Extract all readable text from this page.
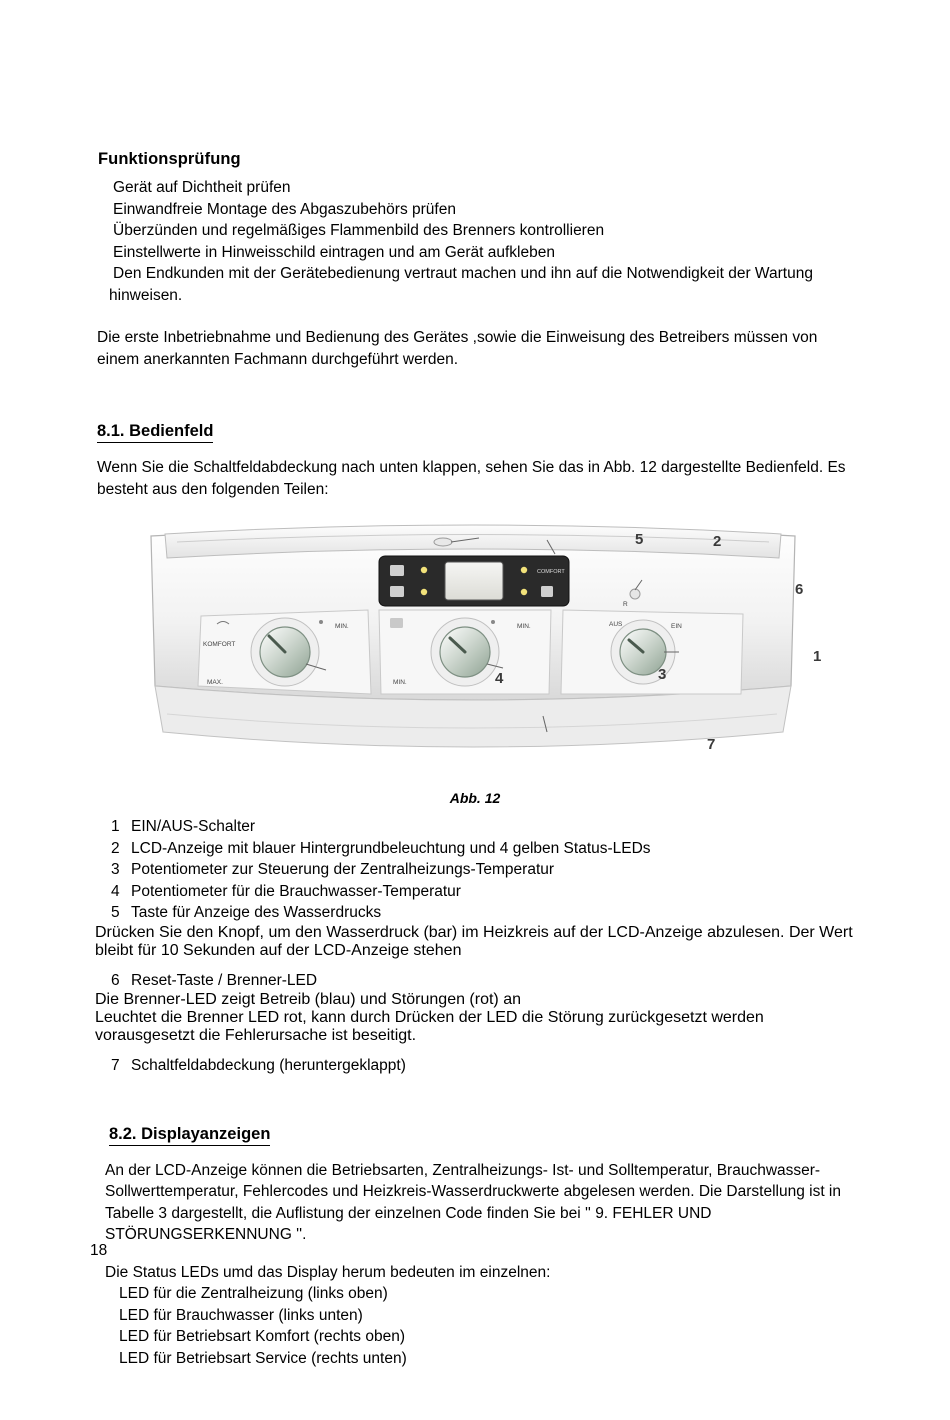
Funktionsprüfung
Gerät auf Dichtheit prüfen
Einwandfreie Montage des Abgaszubehörs prüfen
Überzünden und regelmäßiges Flammenbild des Brenners kontrollieren
Einstellwerte in Hinweisschild eintragen und am Gerät aufkleben
Den Endkunden mit der Gerätebedienung vertraut machen und ihn auf die Notwendigkeit der Wartung hinweisen.
Die erste Inbetriebnahme und Bedienung des Gerätes ,sowie die Einweisung des Betreibers müssen von einem anerkannten Fachmann durchgeführt werden.
8.1. Bedienfeld
Wenn Sie die Schaltfeldabdeckung nach unten klappen, sehen Sie das in Abb. 12 dargestellte Bedienfeld. Es besteht aus den folgenden Teilen:
COMFORT
KOMFORT
MAX.
MIN.	MIN.
MIN.
AUS	EIN
R
5	2
6
4	3
1
7
Abb. 12
1 EIN/AUS-Schalter
2 LCD-Anzeige mit blauer Hintergrundbeleuchtung und 4 gelben Status-LEDs
3 Potentiometer zur Steuerung der Zentralheizungs-Temperatur
4 Potentiometer für die Brauchwasser-Temperatur
5 Taste für Anzeige des Wasserdrucks
Drücken Sie den Knopf, um den Wasserdruck (bar) im Heizkreis auf der LCD-Anzeige abzulesen. Der Wert bleibt für 10 Sekunden auf der LCD-Anzeige stehen
6 Reset-Taste / Brenner-LED
Die Brenner-LED zeigt Betreib (blau) und Störungen (rot) an
Leuchtet die Brenner LED rot, kann durch Drücken der LED die Störung zurückgesetzt werden vorausgesetzt die Fehlerursache ist beseitigt.
7 Schaltfeldabdeckung (heruntergeklappt)
8.2. Displayanzeigen
An der LCD-Anzeige können die Betriebsarten, Zentralheizungs- Ist- und Solltemperatur, Brauchwasser-Sollwerttemperatur, Fehlercodes und Heizkreis-Wasserdruckwerte abgelesen werden. Die Darstellung ist in Tabelle 3 dargestellt, die Auflistung der einzelnen Code finden Sie bei '' 9. FEHLER UND STÖRUNGSERKENNUNG ''.
Die Status LEDs umd das Display herum bedeuten im einzelnen:
LED für die Zentralheizung (links oben)
LED für Brauchwasser (links unten)
LED für Betriebsart Komfort (rechts oben)
LED für Betriebsart Service (rechts unten)
18
